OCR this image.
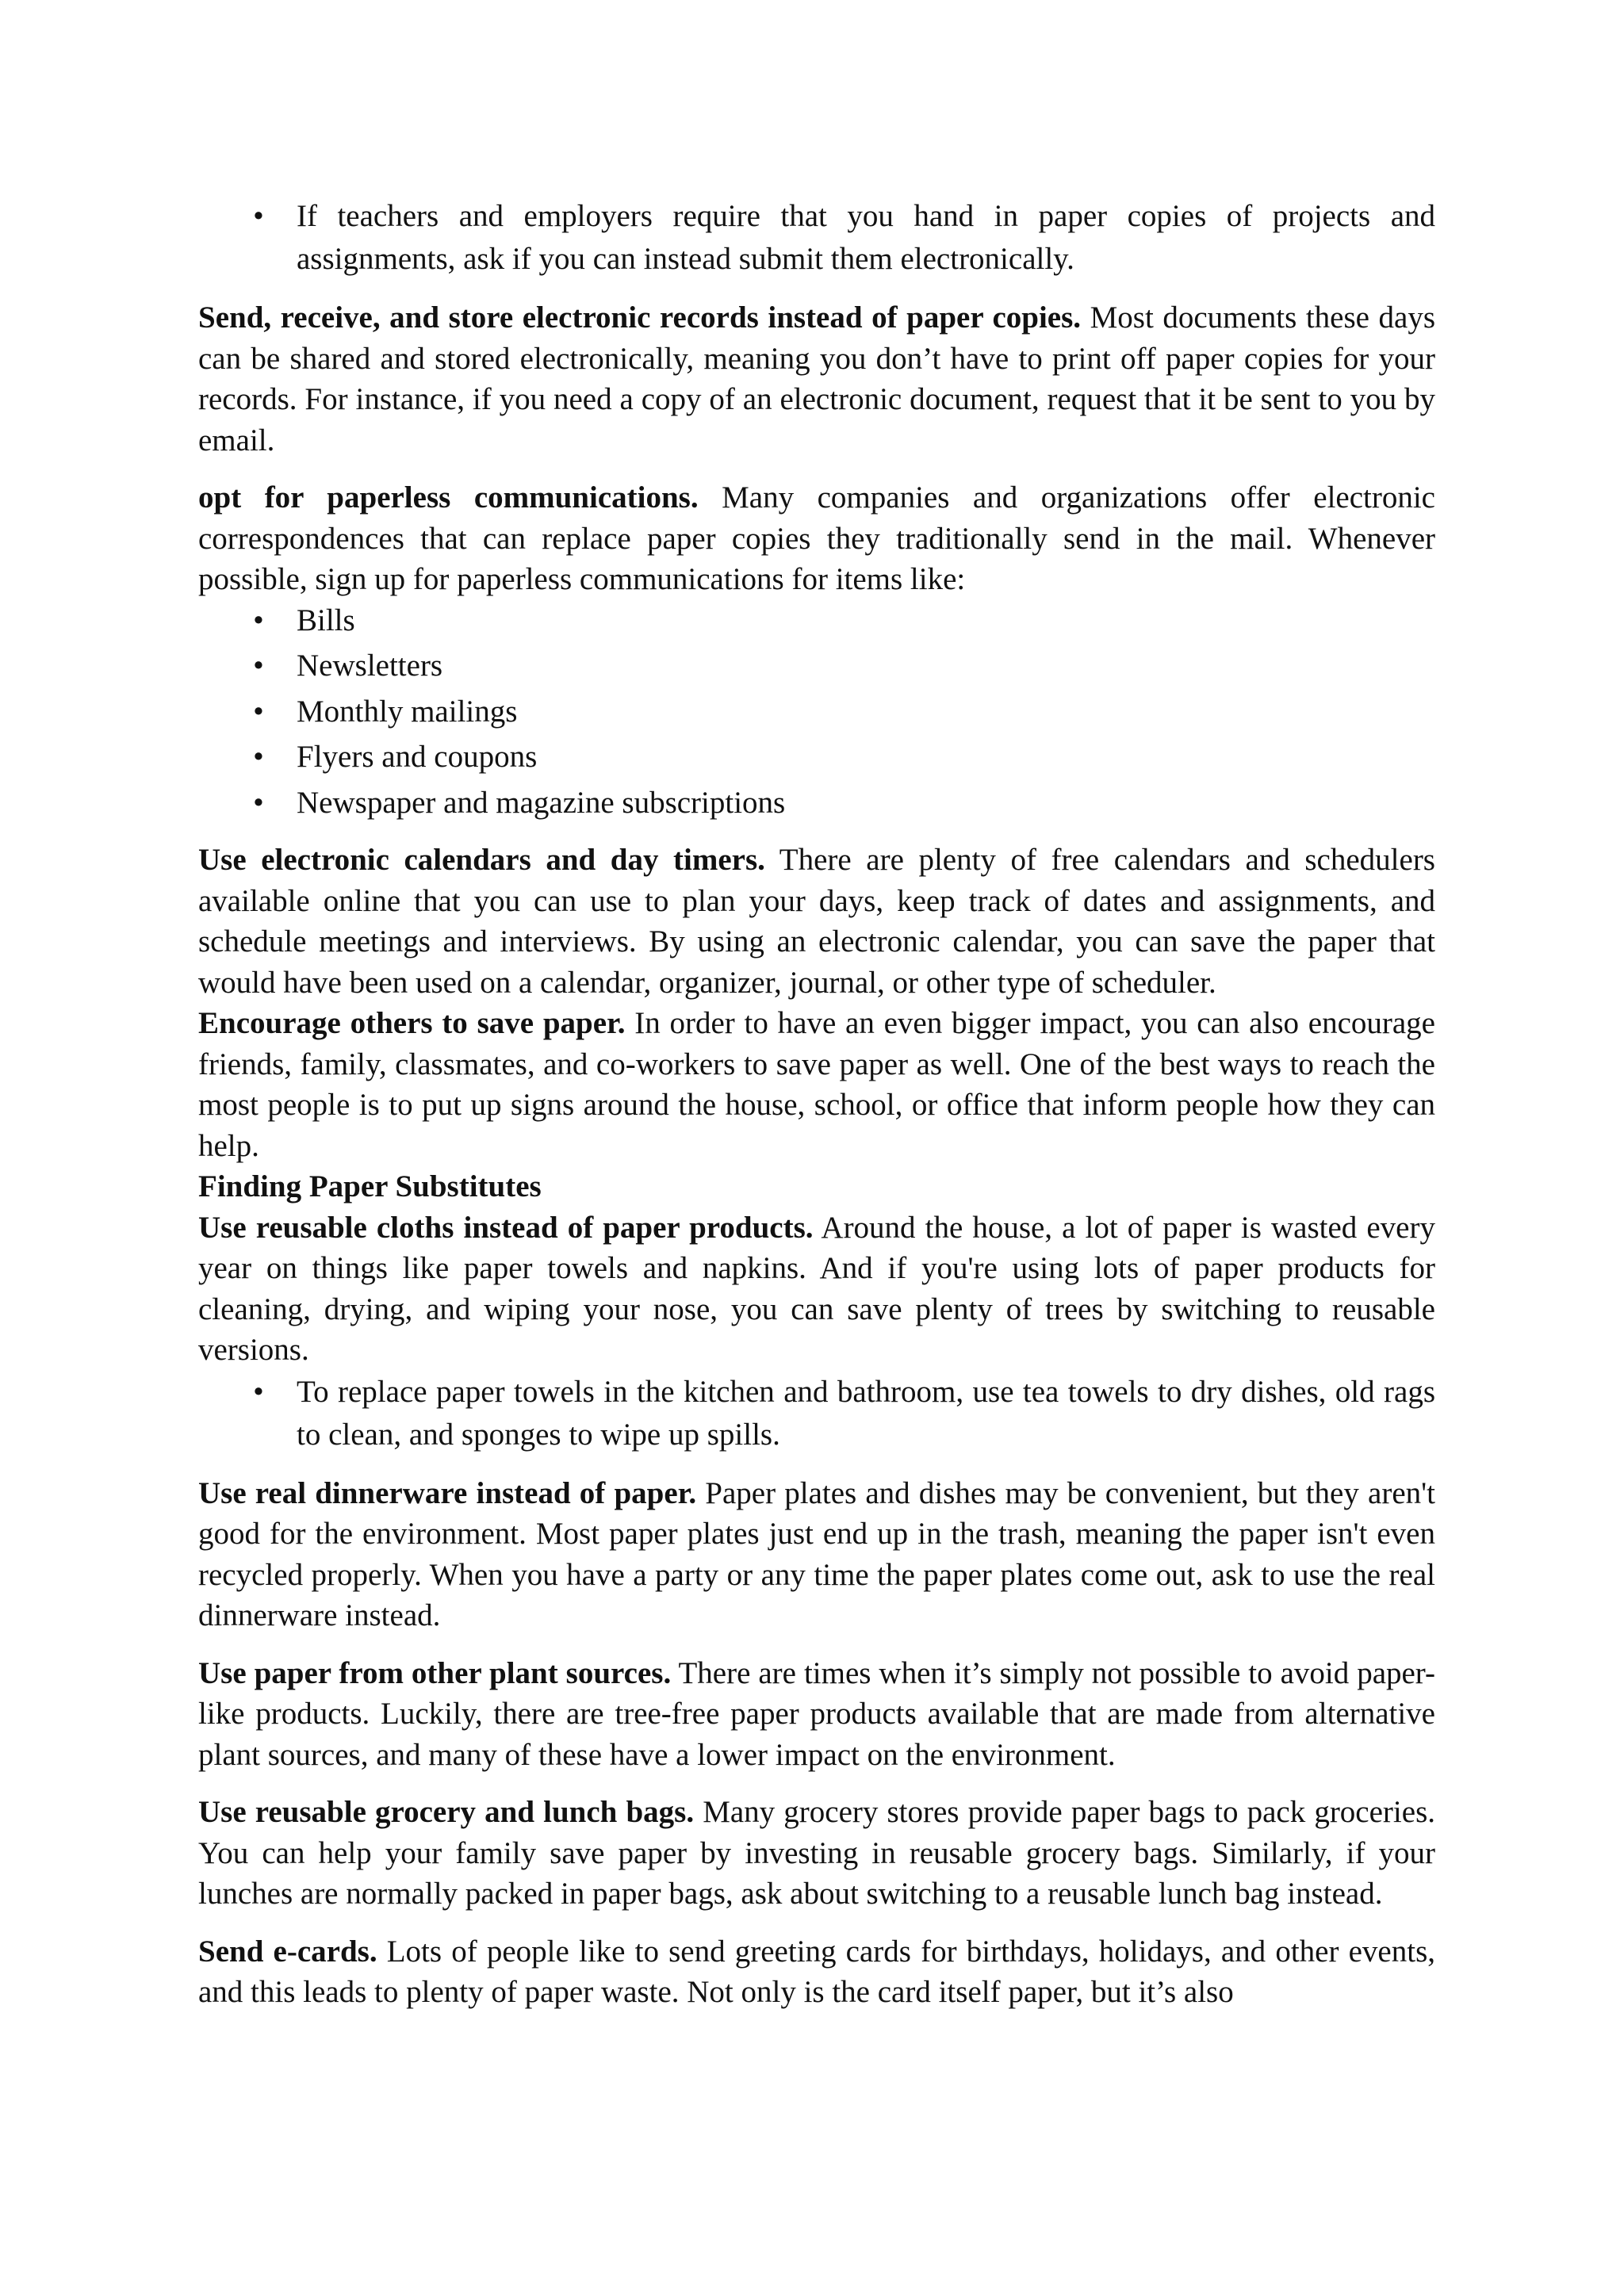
• If teachers and employers require that you hand in paper copies of projects and assignments, ask if you can instead submit them electronically.

Send, receive, and store electronic records instead of paper copies. Most documents these days can be shared and stored electronically, meaning you don’t have to print off paper copies for your records. For instance, if you need a copy of an electronic document, request that it be sent to you by email.

opt for paperless communications. Many companies and organizations offer electronic correspondences that can replace paper copies they traditionally send in the mail. Whenever possible, sign up for paperless communications for items like:

• Bills
• Newsletters
• Monthly mailings
• Flyers and coupons
• Newspaper and magazine subscriptions

Use electronic calendars and day timers. There are plenty of free calendars and schedulers available online that you can use to plan your days, keep track of dates and assignments, and schedule meetings and interviews. By using an electronic calendar, you can save the paper that would have been used on a calendar, organizer, journal, or other type of scheduler.

Encourage others to save paper. In order to have an even bigger impact, you can also encourage friends, family, classmates, and co-workers to save paper as well. One of the best ways to reach the most people is to put up signs around the house, school, or office that inform people how they can help.

Finding Paper Substitutes

Use reusable cloths instead of paper products. Around the house, a lot of paper is wasted every year on things like paper towels and napkins. And if you're using lots of paper products for cleaning, drying, and wiping your nose, you can save plenty of trees by switching to reusable versions.

• To replace paper towels in the kitchen and bathroom, use tea towels to dry dishes, old rags to clean, and sponges to wipe up spills.

Use real dinnerware instead of paper. Paper plates and dishes may be convenient, but they aren't good for the environment. Most paper plates just end up in the trash, meaning the paper isn't even recycled properly. When you have a party or any time the paper plates come out, ask to use the real dinnerware instead.

Use paper from other plant sources. There are times when it’s simply not possible to avoid paper-like products. Luckily, there are tree-free paper products available that are made from alternative plant sources, and many of these have a lower impact on the environment.

Use reusable grocery and lunch bags. Many grocery stores provide paper bags to pack groceries. You can help your family save paper by investing in reusable grocery bags. Similarly, if your lunches are normally packed in paper bags, ask about switching to a reusable lunch bag instead.

Send e-cards. Lots of people like to send greeting cards for birthdays, holidays, and other events, and this leads to plenty of paper waste. Not only is the card itself paper, but it’s also
